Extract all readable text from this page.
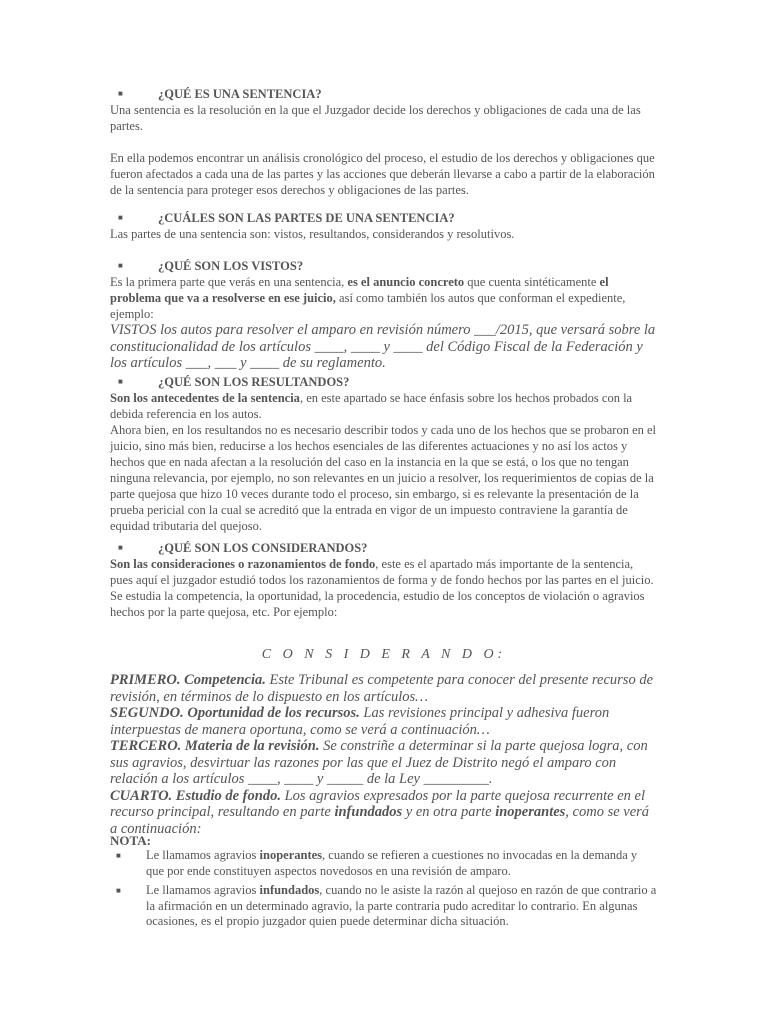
■	¿QUÉ ES UNA SENTENCIA?

Una sentencia es la resolución en la que el Juzgador decide los derechos y obligaciones de cada una de las partes.

En ella podemos encontrar un análisis cronológico del proceso, el estudio de los derechos y obligaciones que fueron afectados a cada una de las partes y las acciones que deberán llevarse a cabo a partir de la elaboración de la sentencia para proteger esos derechos y obligaciones de las partes.

■	¿CUÁLES SON LAS PARTES DE UNA SENTENCIA?

Las partes de una sentencia son: vistos, resultandos, considerandos y resolutivos.

■	¿QUÉ SON LOS VISTOS?

Es la primera parte que verás en una sentencia, es el anuncio concreto que cuenta sintéticamente el problema que va a resolverse en ese juicio, así como también los autos que conforman el expediente, ejemplo:

VISTOS los autos para resolver el amparo en revisión número ___/2015, que versará sobre la constitucionalidad de los artículos ____, ____ y ____ del Código Fiscal de la Federación y los artículos ___, ___ y ____ de su reglamento.

■	¿QUÉ SON LOS RESULTANDOS?

Son los antecedentes de la sentencia, en este apartado se hace énfasis sobre los hechos probados con la debida referencia en los autos.

Ahora bien, en los resultandos no es necesario describir todos y cada uno de los hechos que se probaron en el juicio, sino más bien, reducirse a los hechos esenciales de las diferentes actuaciones y no así los actos y hechos que en nada afectan a la resolución del caso en la instancia en la que se está, o los que no tengan ninguna relevancia, por ejemplo, no son relevantes en un juicio a resolver, los requerimientos de copias de la parte quejosa que hizo 10 veces durante todo el proceso, sin embargo, si es relevante la presentación de la prueba pericial con la cual se acreditó que la entrada en vigor de un impuesto contraviene la garantía de equidad tributaria del quejoso.

■	¿QUÉ SON LOS CONSIDERANDOS?

Son las consideraciones o razonamientos de fondo, este es el apartado más importante de la sentencia, pues aquí el juzgador estudió todos los razonamientos de forma y de fondo hechos por las partes en el juicio.

Se estudia la competencia, la oportunidad, la procedencia, estudio de los conceptos de violación o agravios hechos por la parte quejosa, etc. Por ejemplo:

C O N S I D E R A N D O:

PRIMERO. Competencia. Este Tribunal es competente para conocer del presente recurso de revisión, en términos de lo dispuesto en los artículos…

SEGUNDO. Oportunidad de los recursos. Las revisiones principal y adhesiva fueron interpuestas de manera oportuna, como se verá a continuación…

TERCERO. Materia de la revisión. Se constriñe a determinar si la parte quejosa logra, con sus agravios, desvirtuar las razones por las que el Juez de Distrito negó el amparo con relación a los artículos ____, ____ y _____ de la Ley _________.

CUARTO. Estudio de fondo. Los agravios expresados por la parte quejosa recurrente en el recurso principal, resultando en parte infundados y en otra parte inoperantes, como se verá a continuación:

NOTA:

■ Le llamamos agravios inoperantes, cuando se refieren a cuestiones no invocadas en la demanda y que por ende constituyen aspectos novedosos en una revisión de amparo.

■ Le llamamos agravios infundados, cuando no le asiste la razón al quejoso en razón de que contrario a la afirmación en un determinado agravio, la parte contraria pudo acreditar lo contrario. En algunas ocasiones, es el propio juzgador quien puede determinar dicha situación.
